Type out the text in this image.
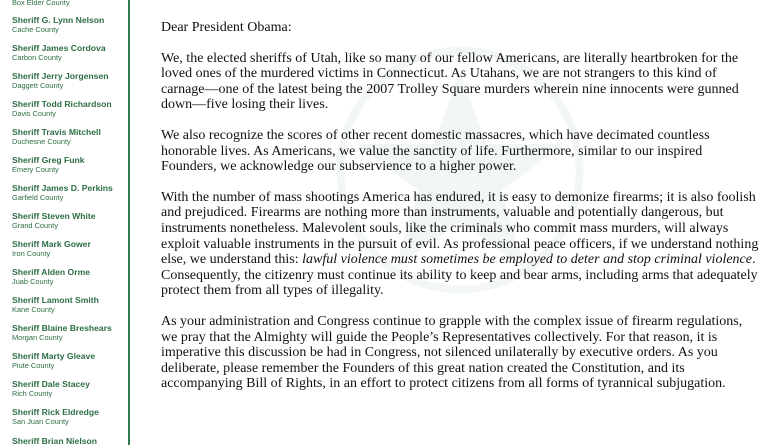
Box Elder County
Sheriff G. Lynn Nelson
Cache County
Sheriff James Cordova
Carbon County
Sheriff Jerry Jorgensen
Daggett County
Sheriff Todd Richardson
Davis County
Sheriff Travis Mitchell
Duchesne County
Sheriff Greg Funk
Emery County
Sheriff James D. Perkins
Garfield County
Sheriff Steven White
Grand County
Sheriff Mark Gower
Iron County
Sheriff Alden Orme
Juab County
Sheriff Lamont Smith
Kane County
Sheriff Blaine Breshears
Morgan County
Sheriff Marty Gleave
Piute County
Sheriff Dale Stacey
Rich County
Sheriff Rick Eldredge
San Juan County
Sheriff Brian Nielson

Dear President Obama:

We, the elected sheriffs of Utah, like so many of our fellow Americans, are literally heartbroken for the loved ones of the murdered victims in Connecticut. As Utahans, we are not strangers to this kind of carnage—one of the latest being the 2007 Trolley Square murders wherein nine innocents were gunned down—five losing their lives.

We also recognize the scores of other recent domestic massacres, which have decimated countless honorable lives. As Americans, we value the sanctity of life. Furthermore, similar to our inspired Founders, we acknowledge our subservience to a higher power.

With the number of mass shootings America has endured, it is easy to demonize firearms; it is also foolish and prejudiced. Firearms are nothing more than instruments, valuable and potentially dangerous, but instruments nonetheless. Malevolent souls, like the criminals who commit mass murders, will always exploit valuable instruments in the pursuit of evil. As professional peace officers, if we understand nothing else, we understand this: lawful violence must sometimes be employed to deter and stop criminal violence. Consequently, the citizenry must continue its ability to keep and bear arms, including arms that adequately protect them from all types of illegality.

As your administration and Congress continue to grapple with the complex issue of firearm regulations, we pray that the Almighty will guide the People’s Representatives collectively. For that reason, it is imperative this discussion be had in Congress, not silenced unilaterally by executive orders. As you deliberate, please remember the Founders of this great nation created the Constitution, and its accompanying Bill of Rights, in an effort to protect citizens from all forms of tyrannical subjugation.
